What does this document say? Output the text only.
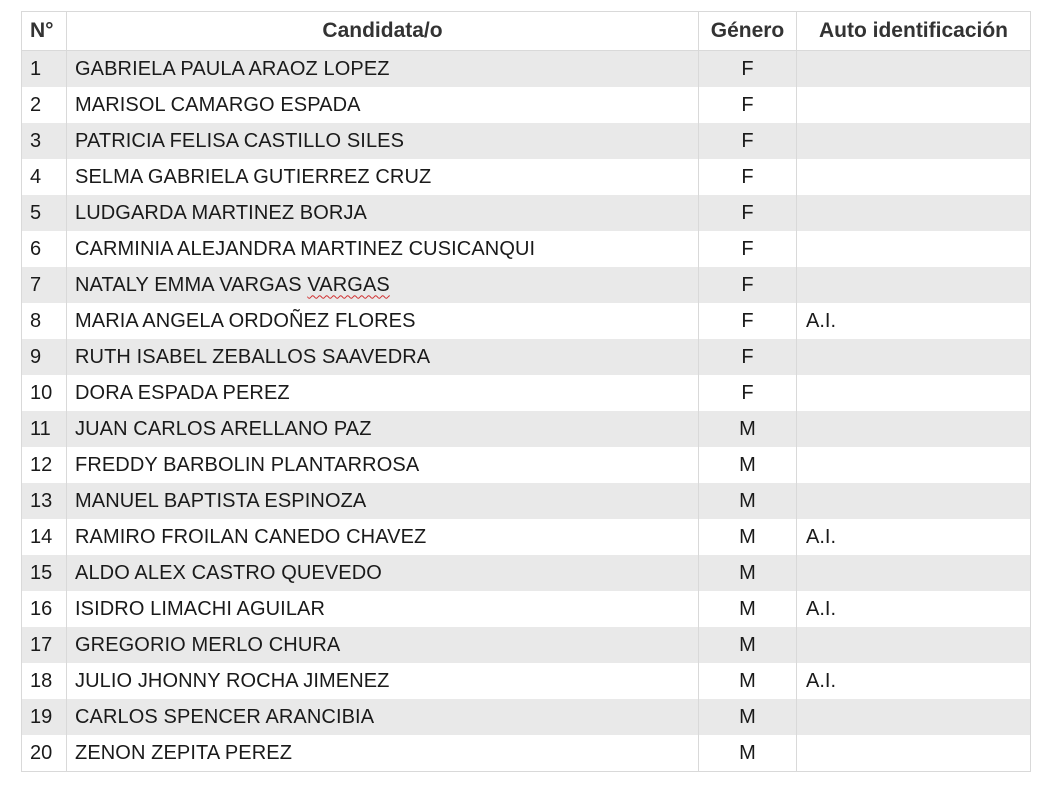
N°	Candidata/o	Género	Auto identificación
1	GABRIELA PAULA ARAOZ LOPEZ	F	
2	MARISOL CAMARGO ESPADA	F	
3	PATRICIA FELISA CASTILLO SILES	F	
4	SELMA GABRIELA GUTIERREZ CRUZ	F	
5	LUDGARDA MARTINEZ BORJA	F	
6	CARMINIA ALEJANDRA MARTINEZ CUSICANQUI	F	
7	NATALY EMMA VARGAS VARGAS	F	
8	MARIA ANGELA ORDOÑEZ FLORES	F	A.I.
9	RUTH ISABEL ZEBALLOS SAAVEDRA	F	
10	DORA ESPADA PEREZ	F	
11	JUAN CARLOS ARELLANO PAZ	M	
12	FREDDY BARBOLIN PLANTARROSA	M	
13	MANUEL BAPTISTA ESPINOZA	M	
14	RAMIRO FROILAN CANEDO CHAVEZ	M	A.I.
15	ALDO ALEX CASTRO QUEVEDO	M	
16	ISIDRO LIMACHI AGUILAR	M	A.I.
17	GREGORIO MERLO CHURA	M	
18	JULIO JHONNY ROCHA JIMENEZ	M	A.I.
19	CARLOS SPENCER ARANCIBIA	M	
20	ZENON ZEPITA PEREZ	M	
